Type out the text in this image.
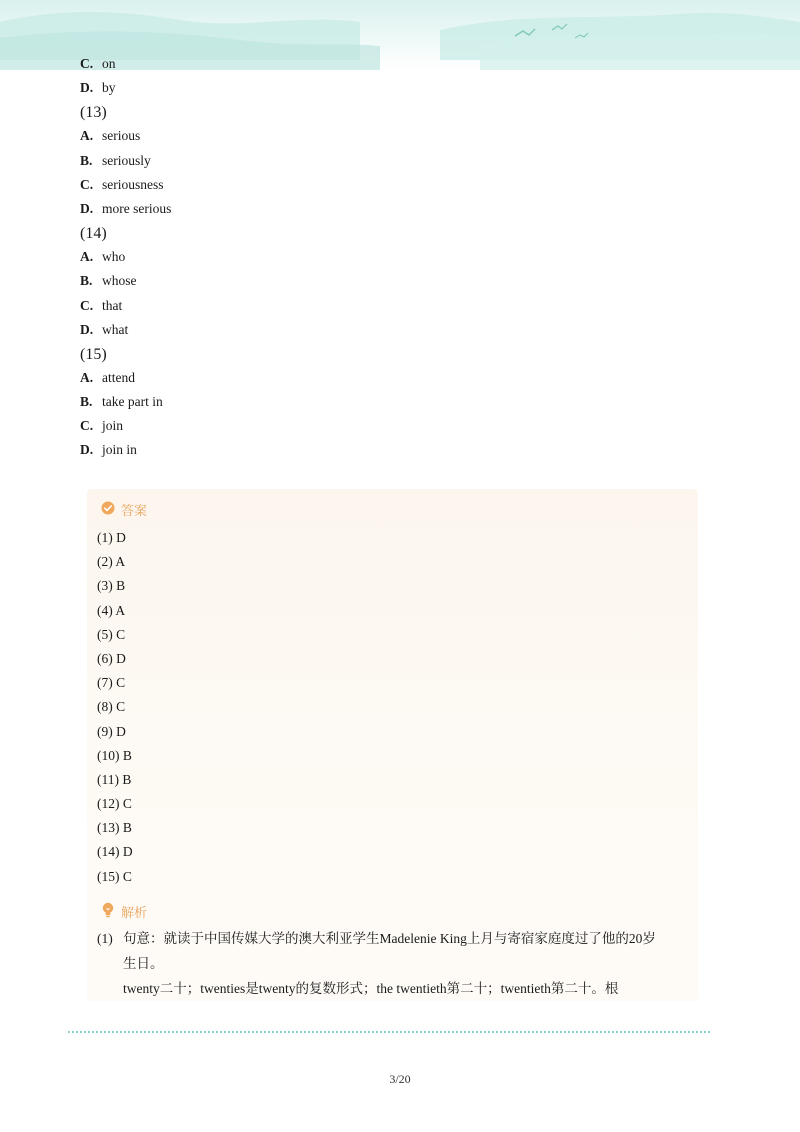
C. on
D. by
(13)
A. serious
B. seriously
C. seriousness
D. more serious
(14)
A. who
B. whose
C. that
D. what
(15)
A. attend
B. take part in
C. join
D. join in
答案
(1) D
(2) A
(3) B
(4) A
(5) C
(6) D
(7) C
(8) C
(9) D
(10) B
(11) B
(12) C
(13) B
(14) D
(15) C
解析
(1) 句意：就读于中国传媒大学的澳大利亚学生Madelenie King上月与寄宿家庭度过了他的20岁
生日。
twenty二十；twenties是twenty的复数形式；the twentieth第二十；twentieth第二十。根
3/20
